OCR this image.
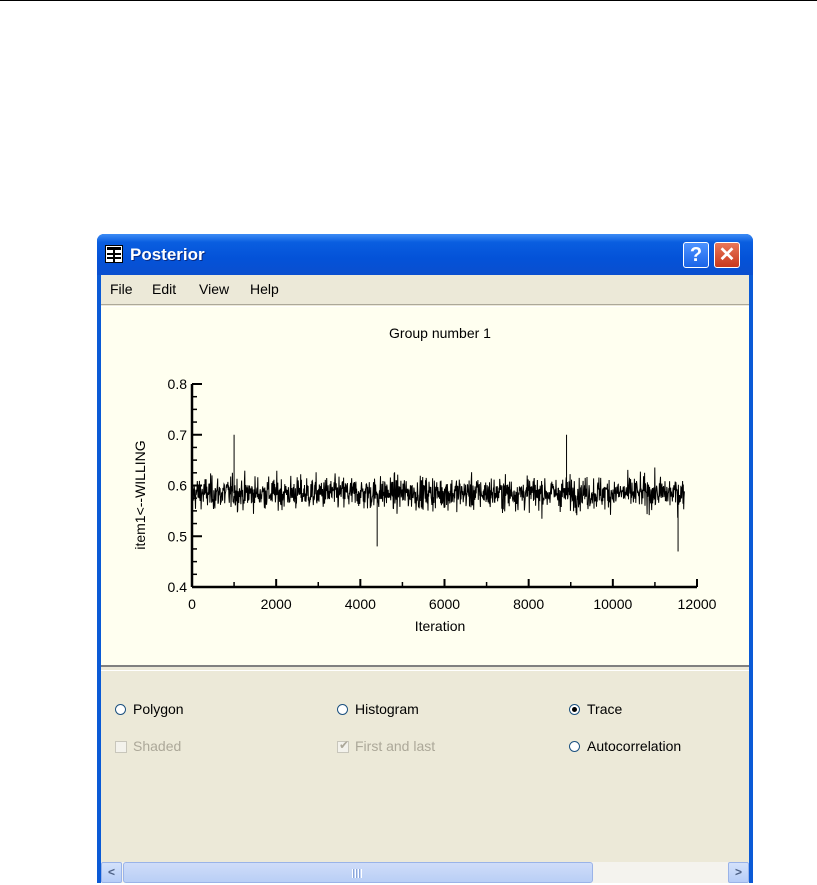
Posterior	? ✕
File Edit View Help
Group number 1
0.4
0.5
0.6
0.7
0.8
0	2000	4000	6000	8000	10000	12000
Iteration
item1<--WILLING
Polygon	Histogram	Trace
Shaded	✔ First and last	Autocorrelation
<	>
